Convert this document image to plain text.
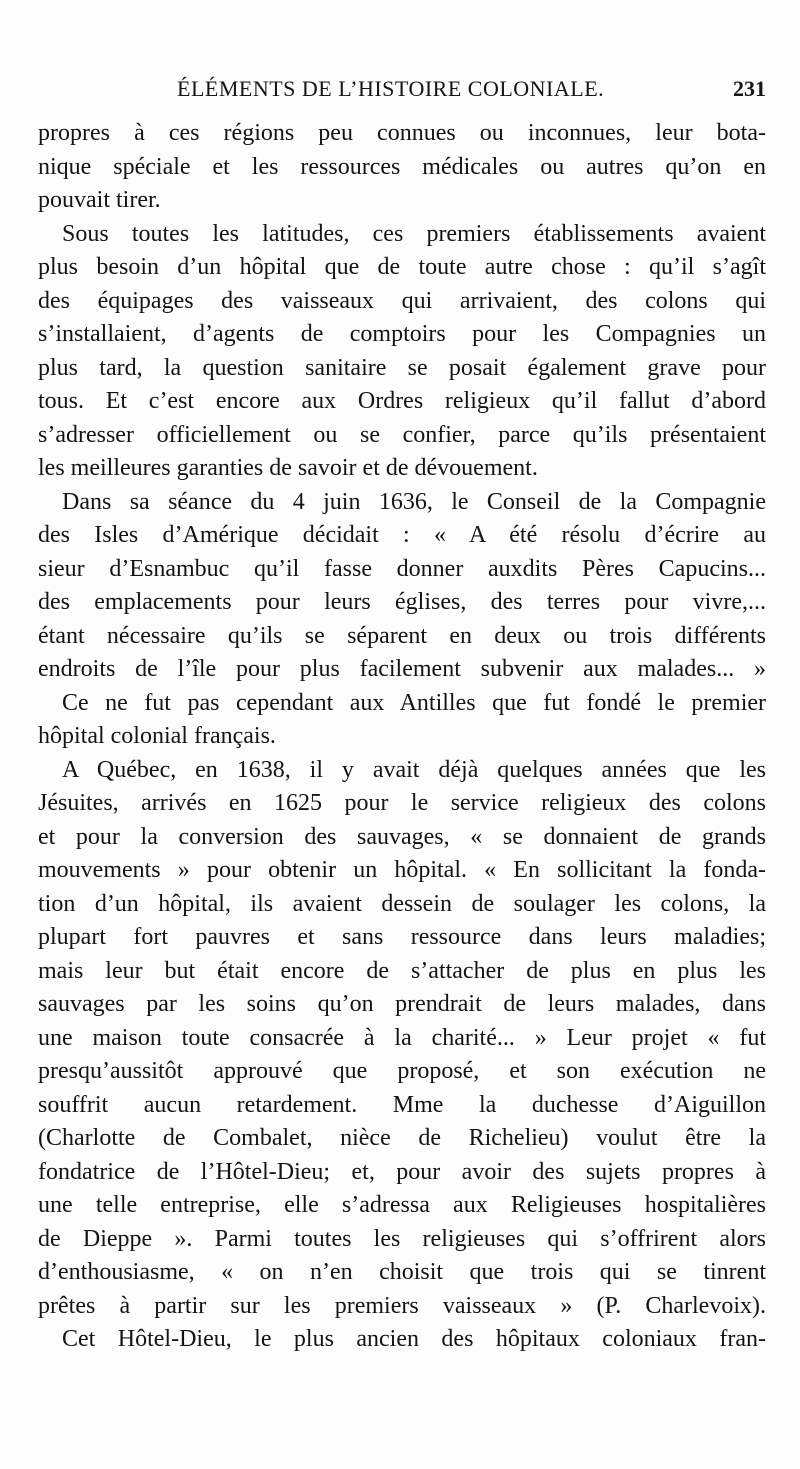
ÉLÉMENTS DE L’HISTOIRE COLONIALE.	231
propres à ces régions peu connues ou inconnues, leur bota-
nique spéciale et les ressources médicales ou autres qu’on en
pouvait tirer.
Sous toutes les latitudes, ces premiers établissements avaient
plus besoin d’un hôpital que de toute autre chose : qu’il s’agît
des équipages des vaisseaux qui arrivaient, des colons qui
s’installaient, d’agents de comptoirs pour les Compagnies un
plus tard, la question sanitaire se posait également grave pour
tous. Et c’est encore aux Ordres religieux qu’il fallut d’abord
s’adresser officiellement ou se confier, parce qu’ils présentaient
les meilleures garanties de savoir et de dévouement.
Dans sa séance du 4 juin 1636, le Conseil de la Compagnie
des Isles d’Amérique décidait : « A été résolu d’écrire au
sieur d’Esnambuc qu’il fasse donner auxdits Pères Capucins...
des emplacements pour leurs églises, des terres pour vivre,...
étant nécessaire qu’ils se séparent en deux ou trois différents
endroits de l’île pour plus facilement subvenir aux malades... »
Ce ne fut pas cependant aux Antilles que fut fondé le premier
hôpital colonial français.
A Québec, en 1638, il y avait déjà quelques années que les
Jésuites, arrivés en 1625 pour le service religieux des colons
et pour la conversion des sauvages, « se donnaient de grands
mouvements » pour obtenir un hôpital. « En sollicitant la fonda-
tion d’un hôpital, ils avaient dessein de soulager les colons, la
plupart fort pauvres et sans ressource dans leurs maladies;
mais leur but était encore de s’attacher de plus en plus les
sauvages par les soins qu’on prendrait de leurs malades, dans
une maison toute consacrée à la charité... » Leur projet « fut
presqu’aussitôt approuvé que proposé, et son exécution ne
souffrit aucun retardement. Mme la duchesse d’Aiguillon
(Charlotte de Combalet, nièce de Richelieu) voulut être la
fondatrice de l’Hôtel-Dieu; et, pour avoir des sujets propres à
une telle entreprise, elle s’adressa aux Religieuses hospitalières
de Dieppe ». Parmi toutes les religieuses qui s’offrirent alors
d’enthousiasme, « on n’en choisit que trois qui se tinrent
prêtes à partir sur les premiers vaisseaux » (P. Charlevoix).
Cet Hôtel-Dieu, le plus ancien des hôpitaux coloniaux fran-
